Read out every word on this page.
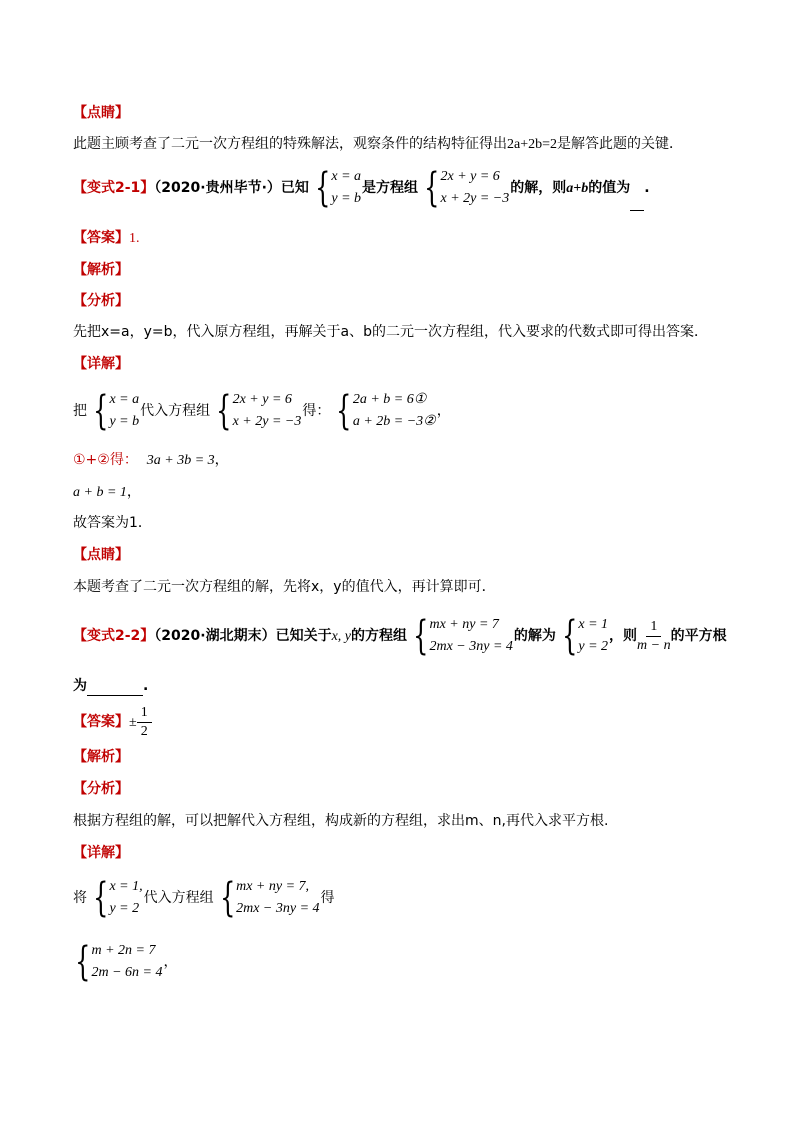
【点睛】
此题主顾考查了二元一次方程组的特殊解法，观察条件的结构特征得出2a+2b=2是解答此题的关键．
【变式2-1】（2020·贵州毕节·）已知 { x = a
y = b
是方程组 { 2x + y = 6
x + 2y = −3
的解，则a+b的值为 .
【答案】1.
【解析】
【分析】
先把x=a，y=b，代入原方程组，再解关于a、b的二元一次方程组，代入要求的代数式即可得出答案．
【详解】
把 { x = a
y = b
代入方程组 { 2x + y = 6
x + 2y = −3
得： { 2a + b = 6①
a + 2b = −3②
，
①+②得： 3a + 3b = 3，
a + b = 1，
故答案为1．
【点睛】
本题考查了二元一次方程组的解，先将x，y的值代入，再计算即可．
【变式2-2】（2020·湖北期末）已知关于x, y的方程组 { mx + ny = 7
2mx − 3ny = 4
的解为 { x = 1
y = 2
，则 $\frac{1}{m - n}$ 的平方根
为	.
【答案】± $\frac{1}{2}$
【解析】
【分析】
根据方程组的解，可以把解代入方程组，构成新的方程组，求出m、n,再代入求平方根.
【详解】
将 { x = 1,
y = 2
代入方程组 { mx + ny = 7,
2mx − 3ny = 4
得
{ m + 2n = 7
2m − 6n = 4
，
